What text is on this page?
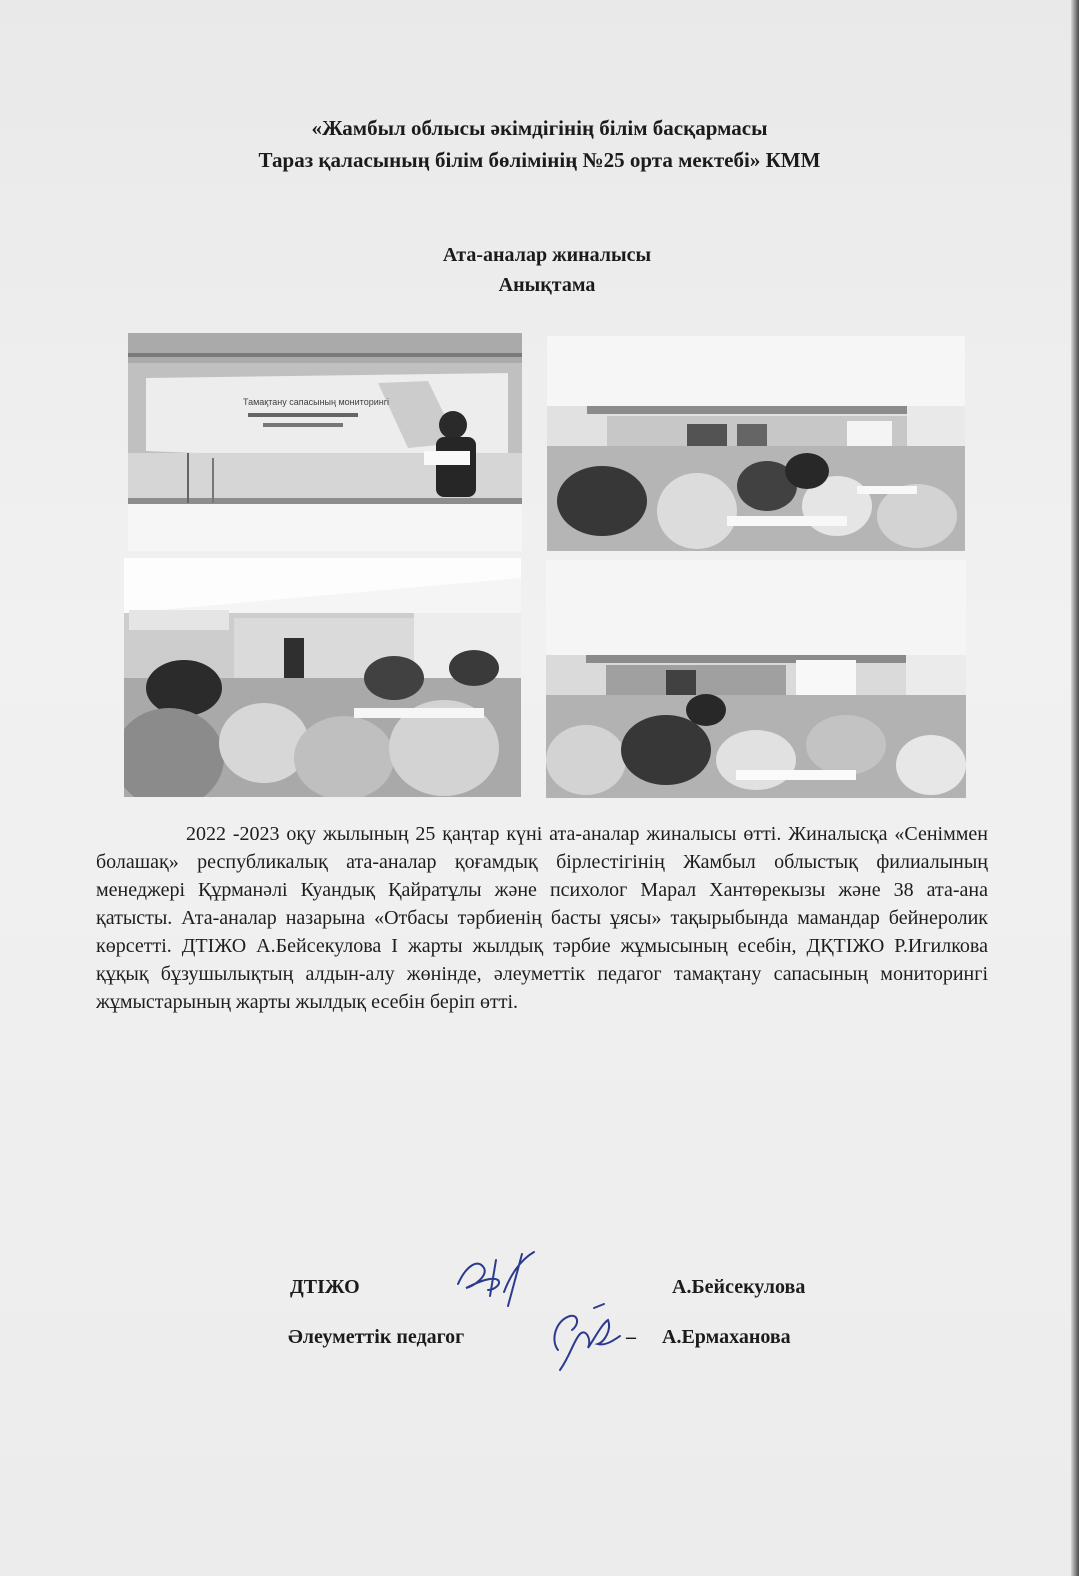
«Жамбыл облысы әкімдігінің білім басқармасы
Тараз қаласының білім бөлімінің №25 орта мектебі» КММ
Ата-аналар жиналысы
Анықтама
Тамақтану сапасының мониторингі
2022 -2023 оқу жылының 25 қаңтар күні ата-аналар жиналысы өтті. Жиналысқа «Сеніммен болашақ» республикалық ата-аналар қоғамдық бірлестігінің Жамбыл облыстық филиалының менеджері Құрманәлі Куандық Қайратұлы және психолог Марал Хантөрекызы және 38 ата-ана қатысты. Ата-аналар назарына «Отбасы тәрбиенің басты ұясы» тақырыбында мамандар бейнеролик көрсетті. ДТІЖО А.Бейсекулова І жарты жылдық тәрбие жұмысының есебін, ДҚТІЖО Р.Игилкова құқық бұзушылықтың алдын-алу жөнінде, әлеуметтік педагог тамақтану сапасының мониторингі жұмыстарының жарты жылдық есебін беріп өтті.
ДТІЖО	А.Бейсекулова
Әлеуметтік педагог	– А.Ермаханова
